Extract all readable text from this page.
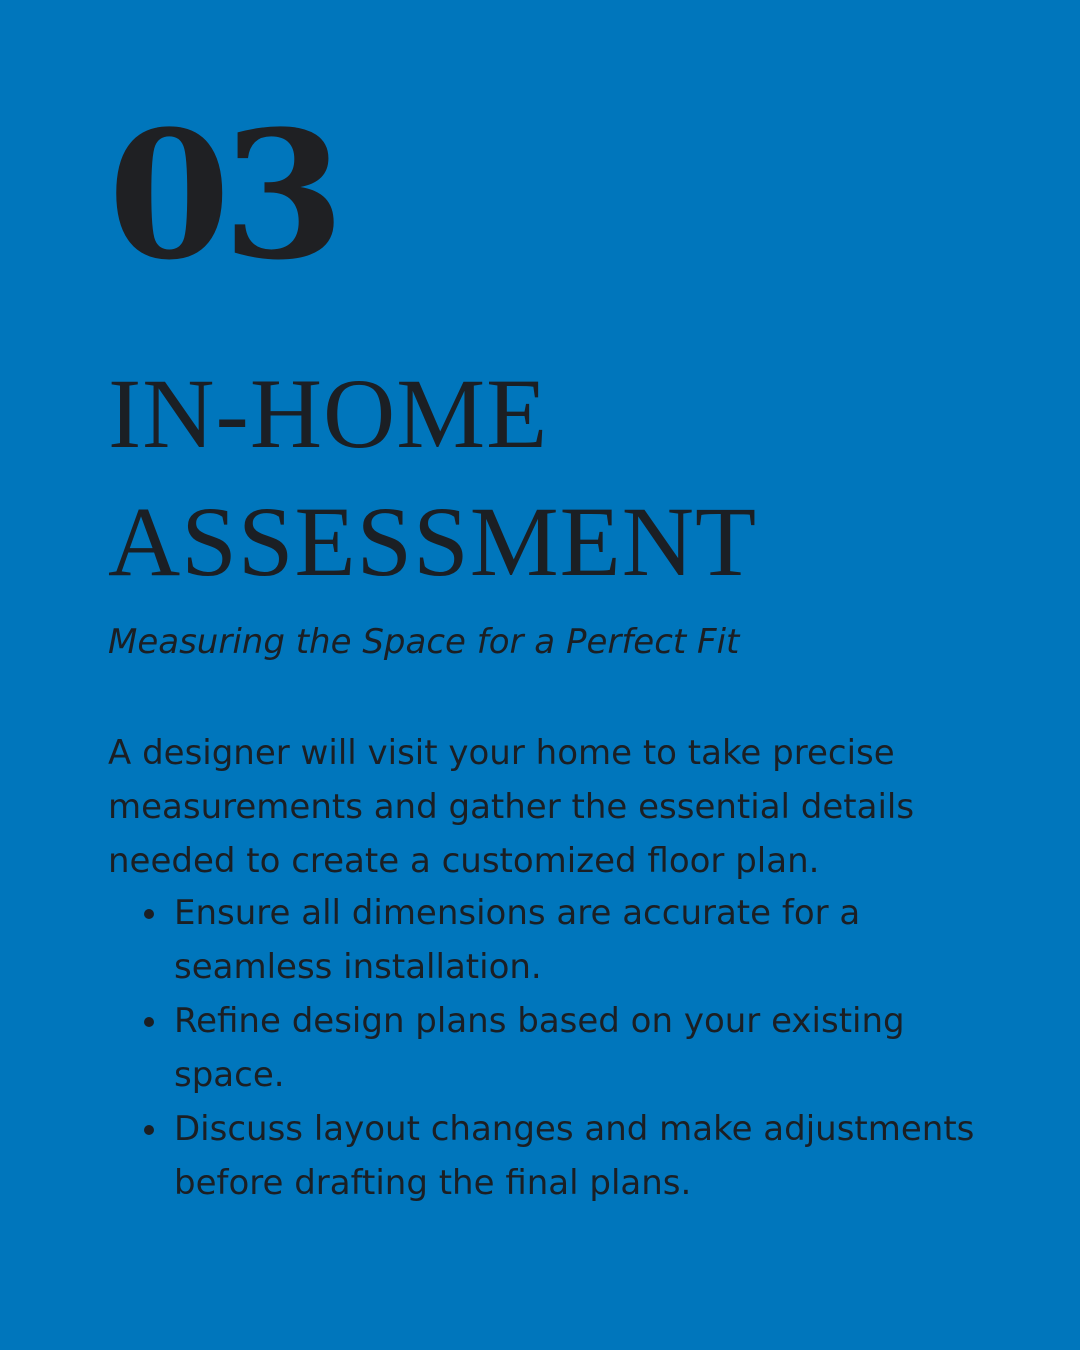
03
IN-HOME
ASSESSMENT

Measuring the Space for a Perfect Fit

A designer will visit your home to take precise measurements and gather the essential details needed to create a customized floor plan.

Ensure all dimensions are accurate for a seamless installation.
Refine design plans based on your existing space.
Discuss layout changes and make adjustments before drafting the final plans.
